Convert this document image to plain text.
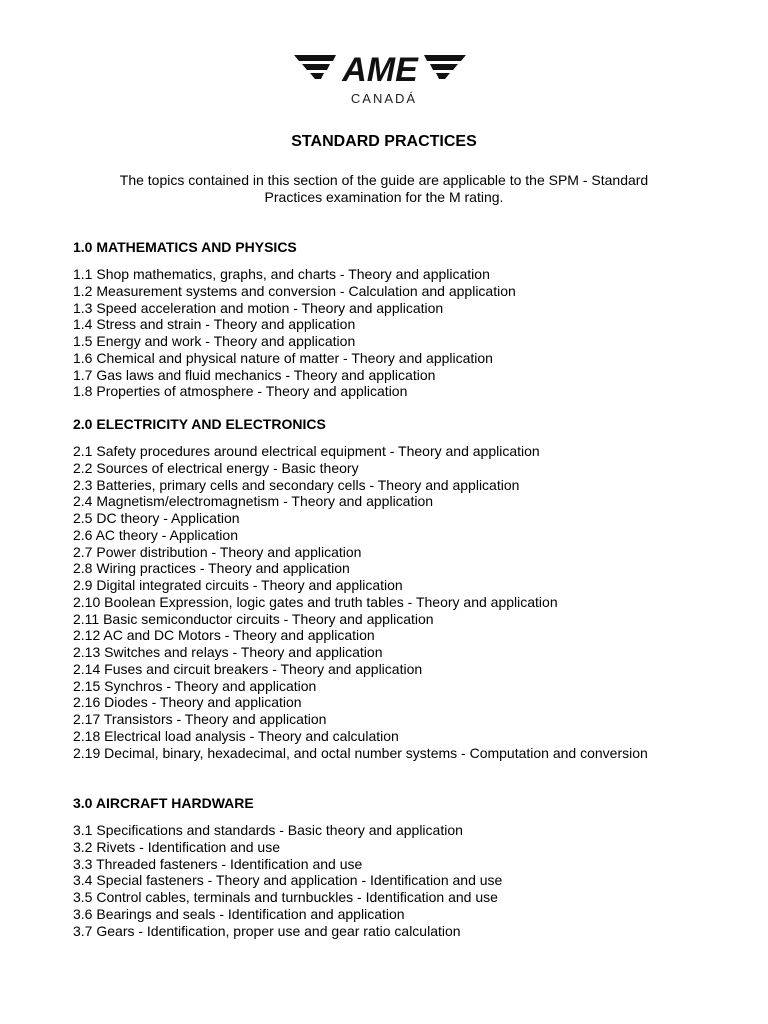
AME
CANADÁ
STANDARD PRACTICES

The topics contained in this section of the guide are applicable to the SPM - Standard
Practices examination for the M rating.

1.0 MATHEMATICS AND PHYSICS
1.1 Shop mathematics, graphs, and charts - Theory and application
1.2 Measurement systems and conversion - Calculation and application
1.3 Speed acceleration and motion - Theory and application
1.4 Stress and strain - Theory and application
1.5 Energy and work - Theory and application
1.6 Chemical and physical nature of matter - Theory and application
1.7 Gas laws and fluid mechanics - Theory and application
1.8 Properties of atmosphere - Theory and application
2.0 ELECTRICITY AND ELECTRONICS
2.1 Safety procedures around electrical equipment - Theory and application
2.2 Sources of electrical energy - Basic theory
2.3 Batteries, primary cells and secondary cells - Theory and application
2.4 Magnetism/electromagnetism - Theory and application
2.5 DC theory - Application
2.6 AC theory - Application
2.7 Power distribution - Theory and application
2.8 Wiring practices - Theory and application
2.9 Digital integrated circuits - Theory and application
2.10 Boolean Expression, logic gates and truth tables - Theory and application
2.11 Basic semiconductor circuits - Theory and application
2.12 AC and DC Motors - Theory and application
2.13 Switches and relays - Theory and application
2.14 Fuses and circuit breakers - Theory and application
2.15 Synchros - Theory and application
2.16 Diodes - Theory and application
2.17 Transistors - Theory and application
2.18 Electrical load analysis - Theory and calculation
2.19 Decimal, binary, hexadecimal, and octal number systems - Computation and conversion
3.0 AIRCRAFT HARDWARE
3.1 Specifications and standards - Basic theory and application
3.2 Rivets - Identification and use
3.3 Threaded fasteners - Identification and use
3.4 Special fasteners - Theory and application - Identification and use
3.5 Control cables, terminals and turnbuckles - Identification and use
3.6 Bearings and seals - Identification and application
3.7 Gears - Identification, proper use and gear ratio calculation
